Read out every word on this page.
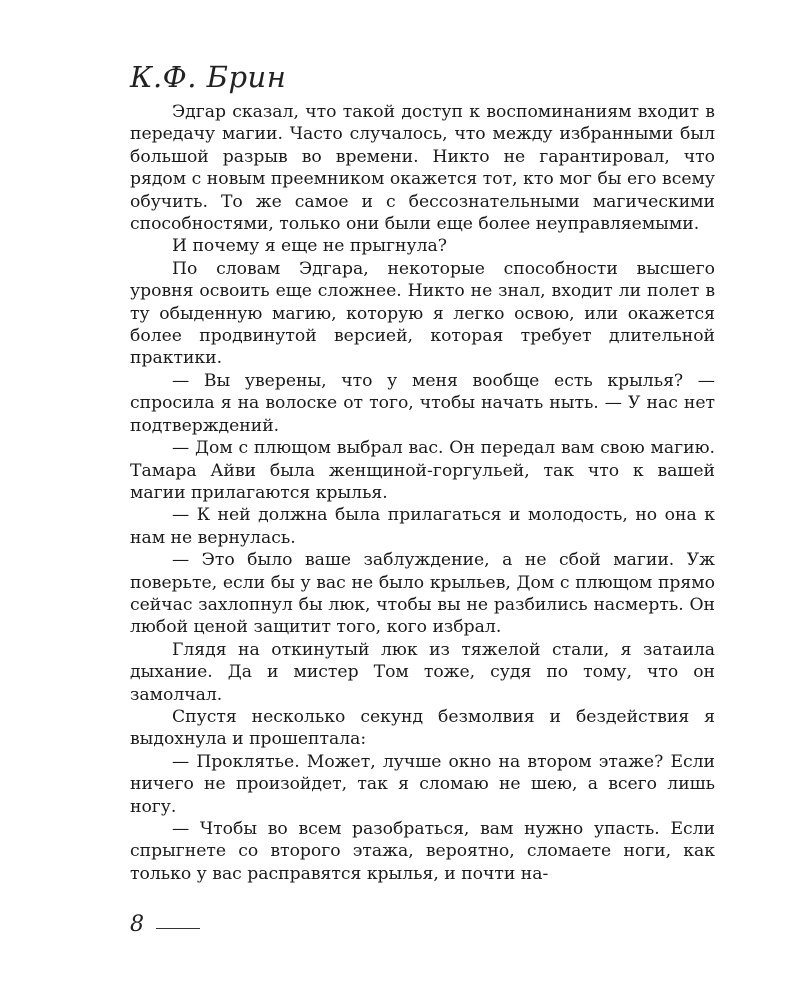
К.Ф. Брин

Эдгар сказал, что такой доступ к воспоминаниям входит в передачу магии. Часто случалось, что между избранными был большой разрыв во времени. Никто не гарантировал, что рядом с новым преемником окажется тот, кто мог бы его всему обучить. То же самое и с бессознательными магическими способностями, только они были еще более неуправляемыми.

И почему я еще не прыгнула?

По словам Эдгара, некоторые способности высшего уровня освоить еще сложнее. Никто не знал, входит ли полет в ту обыденную магию, которую я легко освою, или окажется более продвинутой версией, которая требует длительной практики.

— Вы уверены, что у меня вообще есть крылья? — спросила я на волоске от того, чтобы начать ныть. — У нас нет подтверждений.

— Дом с плющом выбрал вас. Он передал вам свою магию. Тамара Айви была женщиной-горгульей, так что к вашей магии прилагаются крылья.

— К ней должна была прилагаться и молодость, но она к нам не вернулась.

— Это было ваше заблуждение, а не сбой магии. Уж поверьте, если бы у вас не было крыльев, Дом с плющом прямо сейчас захлопнул бы люк, чтобы вы не разбились насмерть. Он любой ценой защитит того, кого избрал.

Глядя на откинутый люк из тяжелой стали, я затаила дыхание. Да и мистер Том тоже, судя по тому, что он замолчал.

Спустя несколько секунд безмолвия и бездействия я выдохнула и прошептала:

— Проклятье. Может, лучше окно на втором этаже? Если ничего не произойдет, так я сломаю не шею, а всего лишь ногу.

— Чтобы во всем разобраться, вам нужно упасть. Если спрыгнете со второго этажа, вероятно, сломаете ноги, как только у вас расправятся крылья, и почти на-

8
